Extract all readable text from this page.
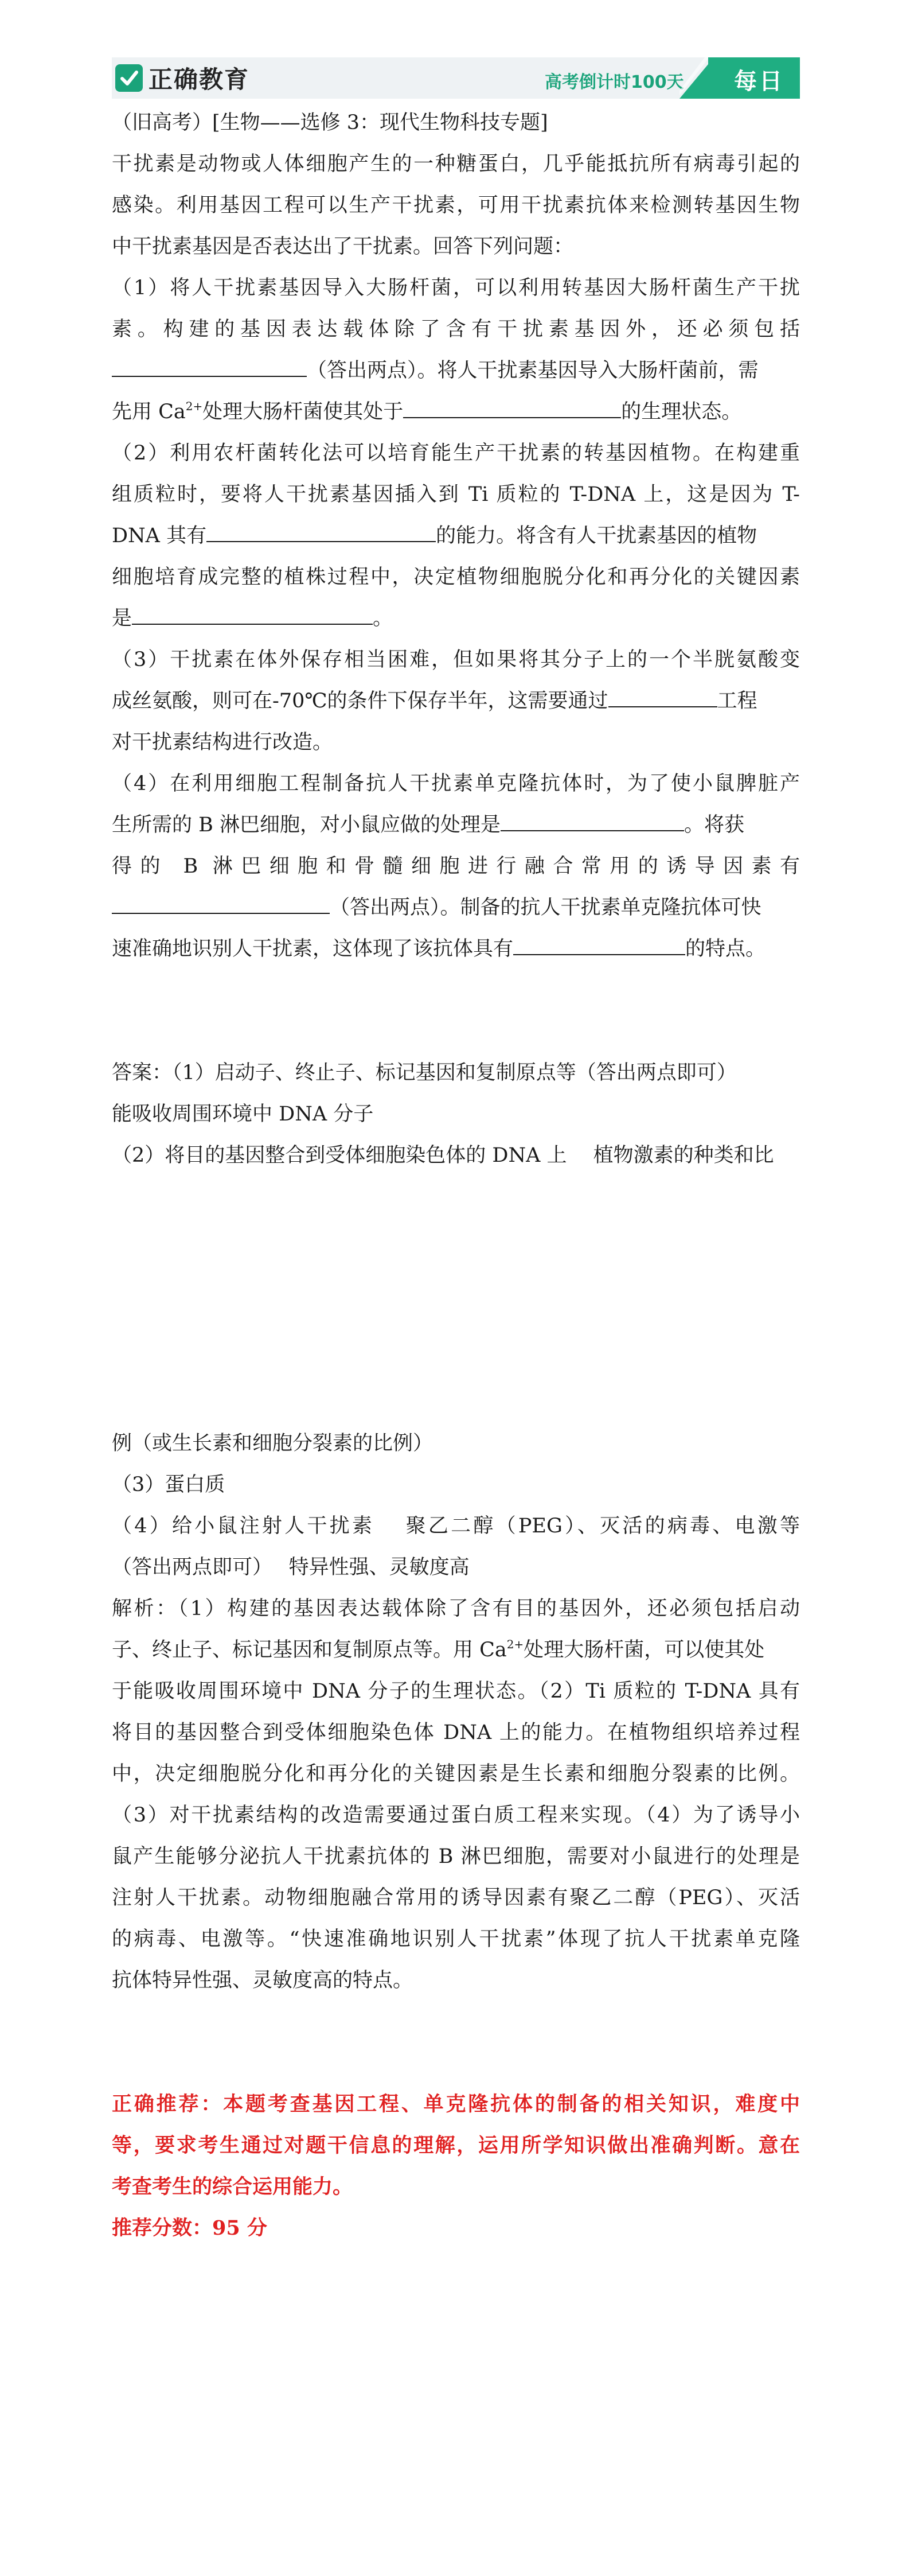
正确教育	高考倒计时100天 每日一题
（旧高考）[生物——选修 3：现代生物科技专题]
干扰素是动物或人体细胞产生的一种糖蛋白，几乎能抵抗所有病毒引起的
感染。利用基因工程可以生产干扰素，可用干扰素抗体来检测转基因生物
中干扰素基因是否表达出了干扰素。回答下列问题：
（1）将人干扰素基因导入大肠杆菌，可以利用转基因大肠杆菌生产干扰
素。构建的基因表达载体除了含有干扰素基因外，还必须包括
（答出两点）。将人干扰素基因导入大肠杆菌前，需
先用 $Ca^{2+}$处理大肠杆菌使其处于	的生理状态。
（2）利用农杆菌转化法可以培育能生产干扰素的转基因植物。在构建重
组质粒时，要将人干扰素基因插入到 Ti 质粒的 T-DNA 上，这是因为 T-
DNA 其有	的能力。将含有人干扰素基因的植物
细胞培育成完整的植株过程中，决定植物细胞脱分化和再分化的关键因素
是	。
（3）干扰素在体外保存相当困难，但如果将其分子上的一个半胱氨酸变
成丝氨酸，则可在-70℃的条件下保存半年，这需要通过	工程
对干扰素结构进行改造。
（4）在利用细胞工程制备抗人干扰素单克隆抗体时，为了使小鼠脾脏产
生所需的 B 淋巴细胞，对小鼠应做的处理是	。将获
得的 B 淋巴细胞和骨髓细胞进行融合常用的诱导因素有
（答出两点）。制备的抗人干扰素单克隆抗体可快
速准确地识别人干扰素，这体现了该抗体具有	的特点。
答案：（1）启动子、终止子、标记基因和复制原点等（答出两点即可）
能吸收周围环境中 DNA 分子
（2）将目的基因整合到受体细胞染色体的 DNA 上　 植物激素的种类和比
例（或生长素和细胞分裂素的比例）
（3）蛋白质
（4）给小鼠注射人干扰素　 聚乙二醇（PEG）、灭活的病毒、电激等
（答出两点即可）　 特异性强、灵敏度高
解析：（1）构建的基因表达载体除了含有目的基因外，还必须包括启动
子、终止子、标记基因和复制原点等。用 $Ca^{2+}$处理大肠杆菌，可以使其处
于能吸收周围环境中 DNA 分子的生理状态。（2）Ti 质粒的 T-DNA 具有
将目的基因整合到受体细胞染色体 DNA 上的能力。在植物组织培养过程
中，决定细胞脱分化和再分化的关键因素是生长素和细胞分裂素的比例。
（3）对干扰素结构的改造需要通过蛋白质工程来实现。（4）为了诱导小
鼠产生能够分泌抗人干扰素抗体的 B 淋巴细胞，需要对小鼠进行的处理是
注射人干扰素。动物细胞融合常用的诱导因素有聚乙二醇（PEG）、灭活
的病毒、电激等。“快速准确地识别人干扰素”体现了抗人干扰素单克隆
抗体特异性强、灵敏度高的特点。
正确推荐：本题考查基因工程、单克隆抗体的制备的相关知识，难度中
等，要求考生通过对题干信息的理解，运用所学知识做出准确判断。意在
考查考生的综合运用能力。
推荐分数：95 分
